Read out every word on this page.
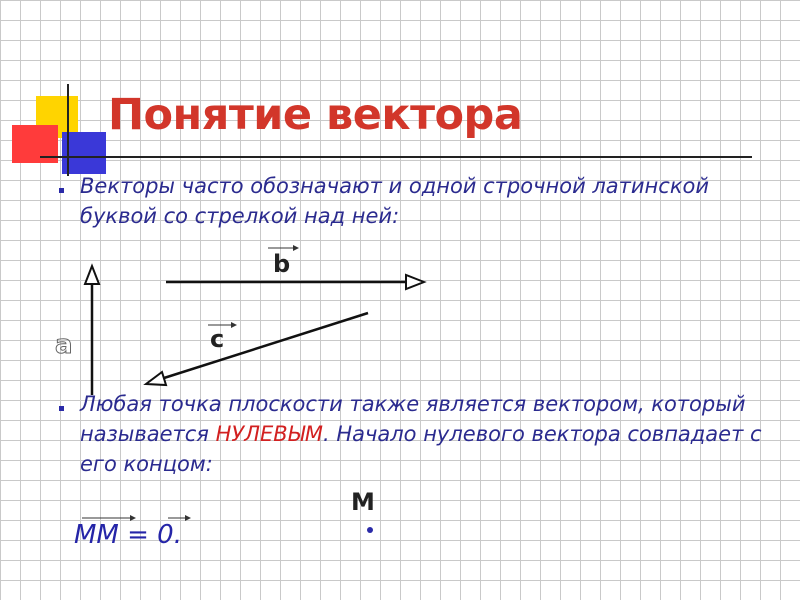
Понятие вектора
Векторы часто обозначают и одной строчной латинской буквой со стрелкой над ней:
Любая точка плоскости также является вектором, который называется НУЛЕВЫМ. Начало нулевого вектора совпадает с его концом:
b
c
a
M
MM = 0.
